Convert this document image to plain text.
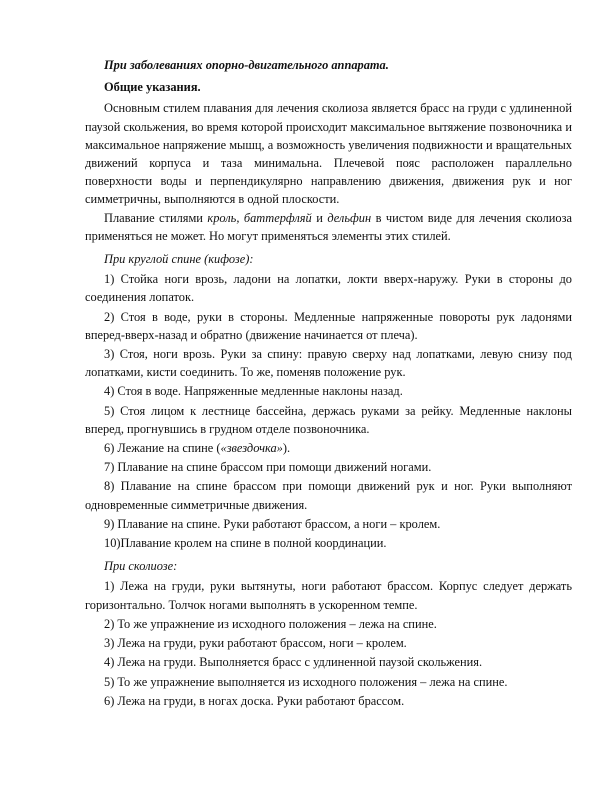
При заболеваниях опорно-двигательного аппарата.

Общие указания.

Основным стилем плавания для лечения сколиоза является брасс на груди с удлиненной паузой скольжения, во время которой происходит максимальное вытяжение позвоночника и максимальное напряжение мышц, а возможность увеличения подвижности и вращательных движений корпуса и таза минимальна. Плечевой пояс расположен параллельно поверхности воды и перпендикулярно направлению движения, движения рук и ног симметричны, выполняются в одной плоскости.

Плавание стилями кроль, баттерфляй и дельфин в чистом виде для лечения сколиоза применяться не может. Но могут применяться элементы этих стилей.

При круглой спине (кифозе):

1) Стойка ноги врозь, ладони на лопатки, локти вверх-наружу. Руки в стороны до соединения лопаток.

2) Стоя в воде, руки в стороны. Медленные напряженные повороты рук ладонями вперед-вверх-назад и обратно (движение начинается от плеча).

3) Стоя, ноги врозь. Руки за спину: правую сверху над лопатками, левую снизу под лопатками, кисти соединить. То же, поменяв положение рук.

4) Стоя в воде. Напряженные медленные наклоны назад.

5) Стоя лицом к лестнице бассейна, держась руками за рейку. Медленные наклоны вперед, прогнувшись в грудном отделе позвоночника.

6) Лежание на спине («звездочка»).

7) Плавание на спине брассом при помощи движений ногами.

8) Плавание на спине брассом при помощи движений рук и ног. Руки выполняют одновременные симметричные движения.

9) Плавание на спине. Руки работают брассом, а ноги – кролем.

10)Плавание кролем на спине в полной координации.

При сколиозе:

1) Лежа на груди, руки вытянуты, ноги работают брассом. Корпус следует держать горизонтально. Толчок ногами выполнять в ускоренном темпе.

2) То же упражнение из исходного положения – лежа на спине.

3) Лежа на груди, руки работают брассом, ноги – кролем.

4) Лежа на груди. Выполняется брасс с удлиненной паузой скольжения.

5) То же упражнение выполняется из исходного положения – лежа на спине.

6) Лежа на груди, в ногах доска. Руки работают брассом.
